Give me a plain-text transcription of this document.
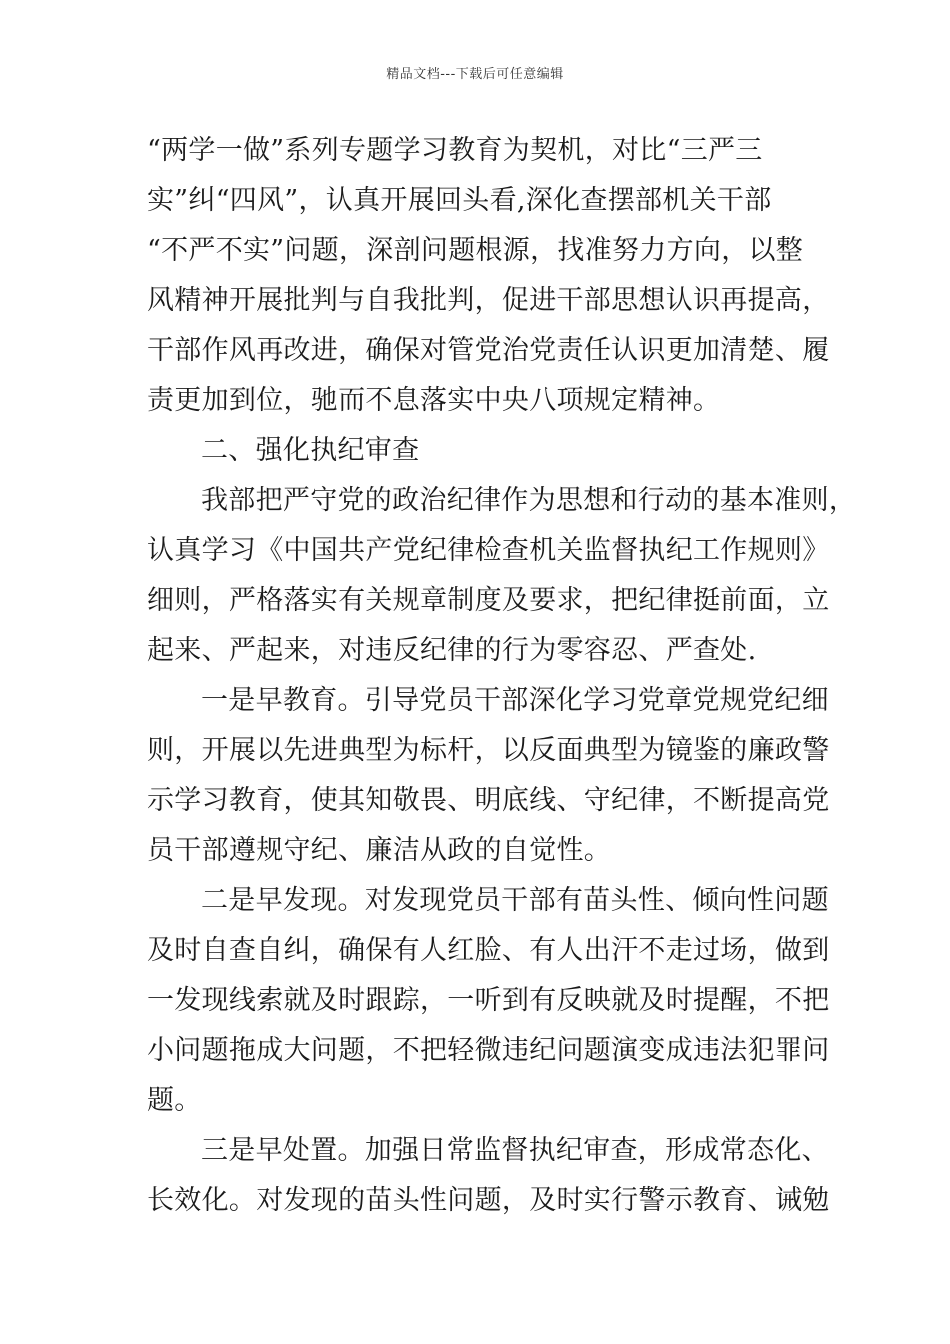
精品文档---下载后可任意编辑
“两学一做”系列专题学习教育为契机，对比“三严三
实”纠“四风”，认真开展回头看,深化查摆部机关干部
“不严不实”问题，深剖问题根源，找准努力方向，以整
风精神开展批判与自我批判，促进干部思想认识再提高，
干部作风再改进，确保对管党治党责任认识更加清楚、履
责更加到位，驰而不息落实中央八项规定精神。
二、强化执纪审查
我部把严守党的政治纪律作为思想和行动的基本准则，
认真学习《中国共产党纪律检查机关监督执纪工作规则》
细则，严格落实有关规章制度及要求，把纪律挺前面，立
起来、严起来，对违反纪律的行为零容忍、严查处.
一是早教育。引导党员干部深化学习党章党规党纪细
则，开展以先进典型为标杆，以反面典型为镜鉴的廉政警
示学习教育，使其知敬畏、明底线、守纪律，不断提高党
员干部遵规守纪、廉洁从政的自觉性。
二是早发现。对发现党员干部有苗头性、倾向性问题
及时自查自纠，确保有人红脸、有人出汗不走过场，做到
一发现线索就及时跟踪，一听到有反映就及时提醒，不把
小问题拖成大问题，不把轻微违纪问题演变成违法犯罪问
题。
三是早处置。加强日常监督执纪审查，形成常态化、
长效化。对发现的苗头性问题，及时实行警示教育、诫勉
